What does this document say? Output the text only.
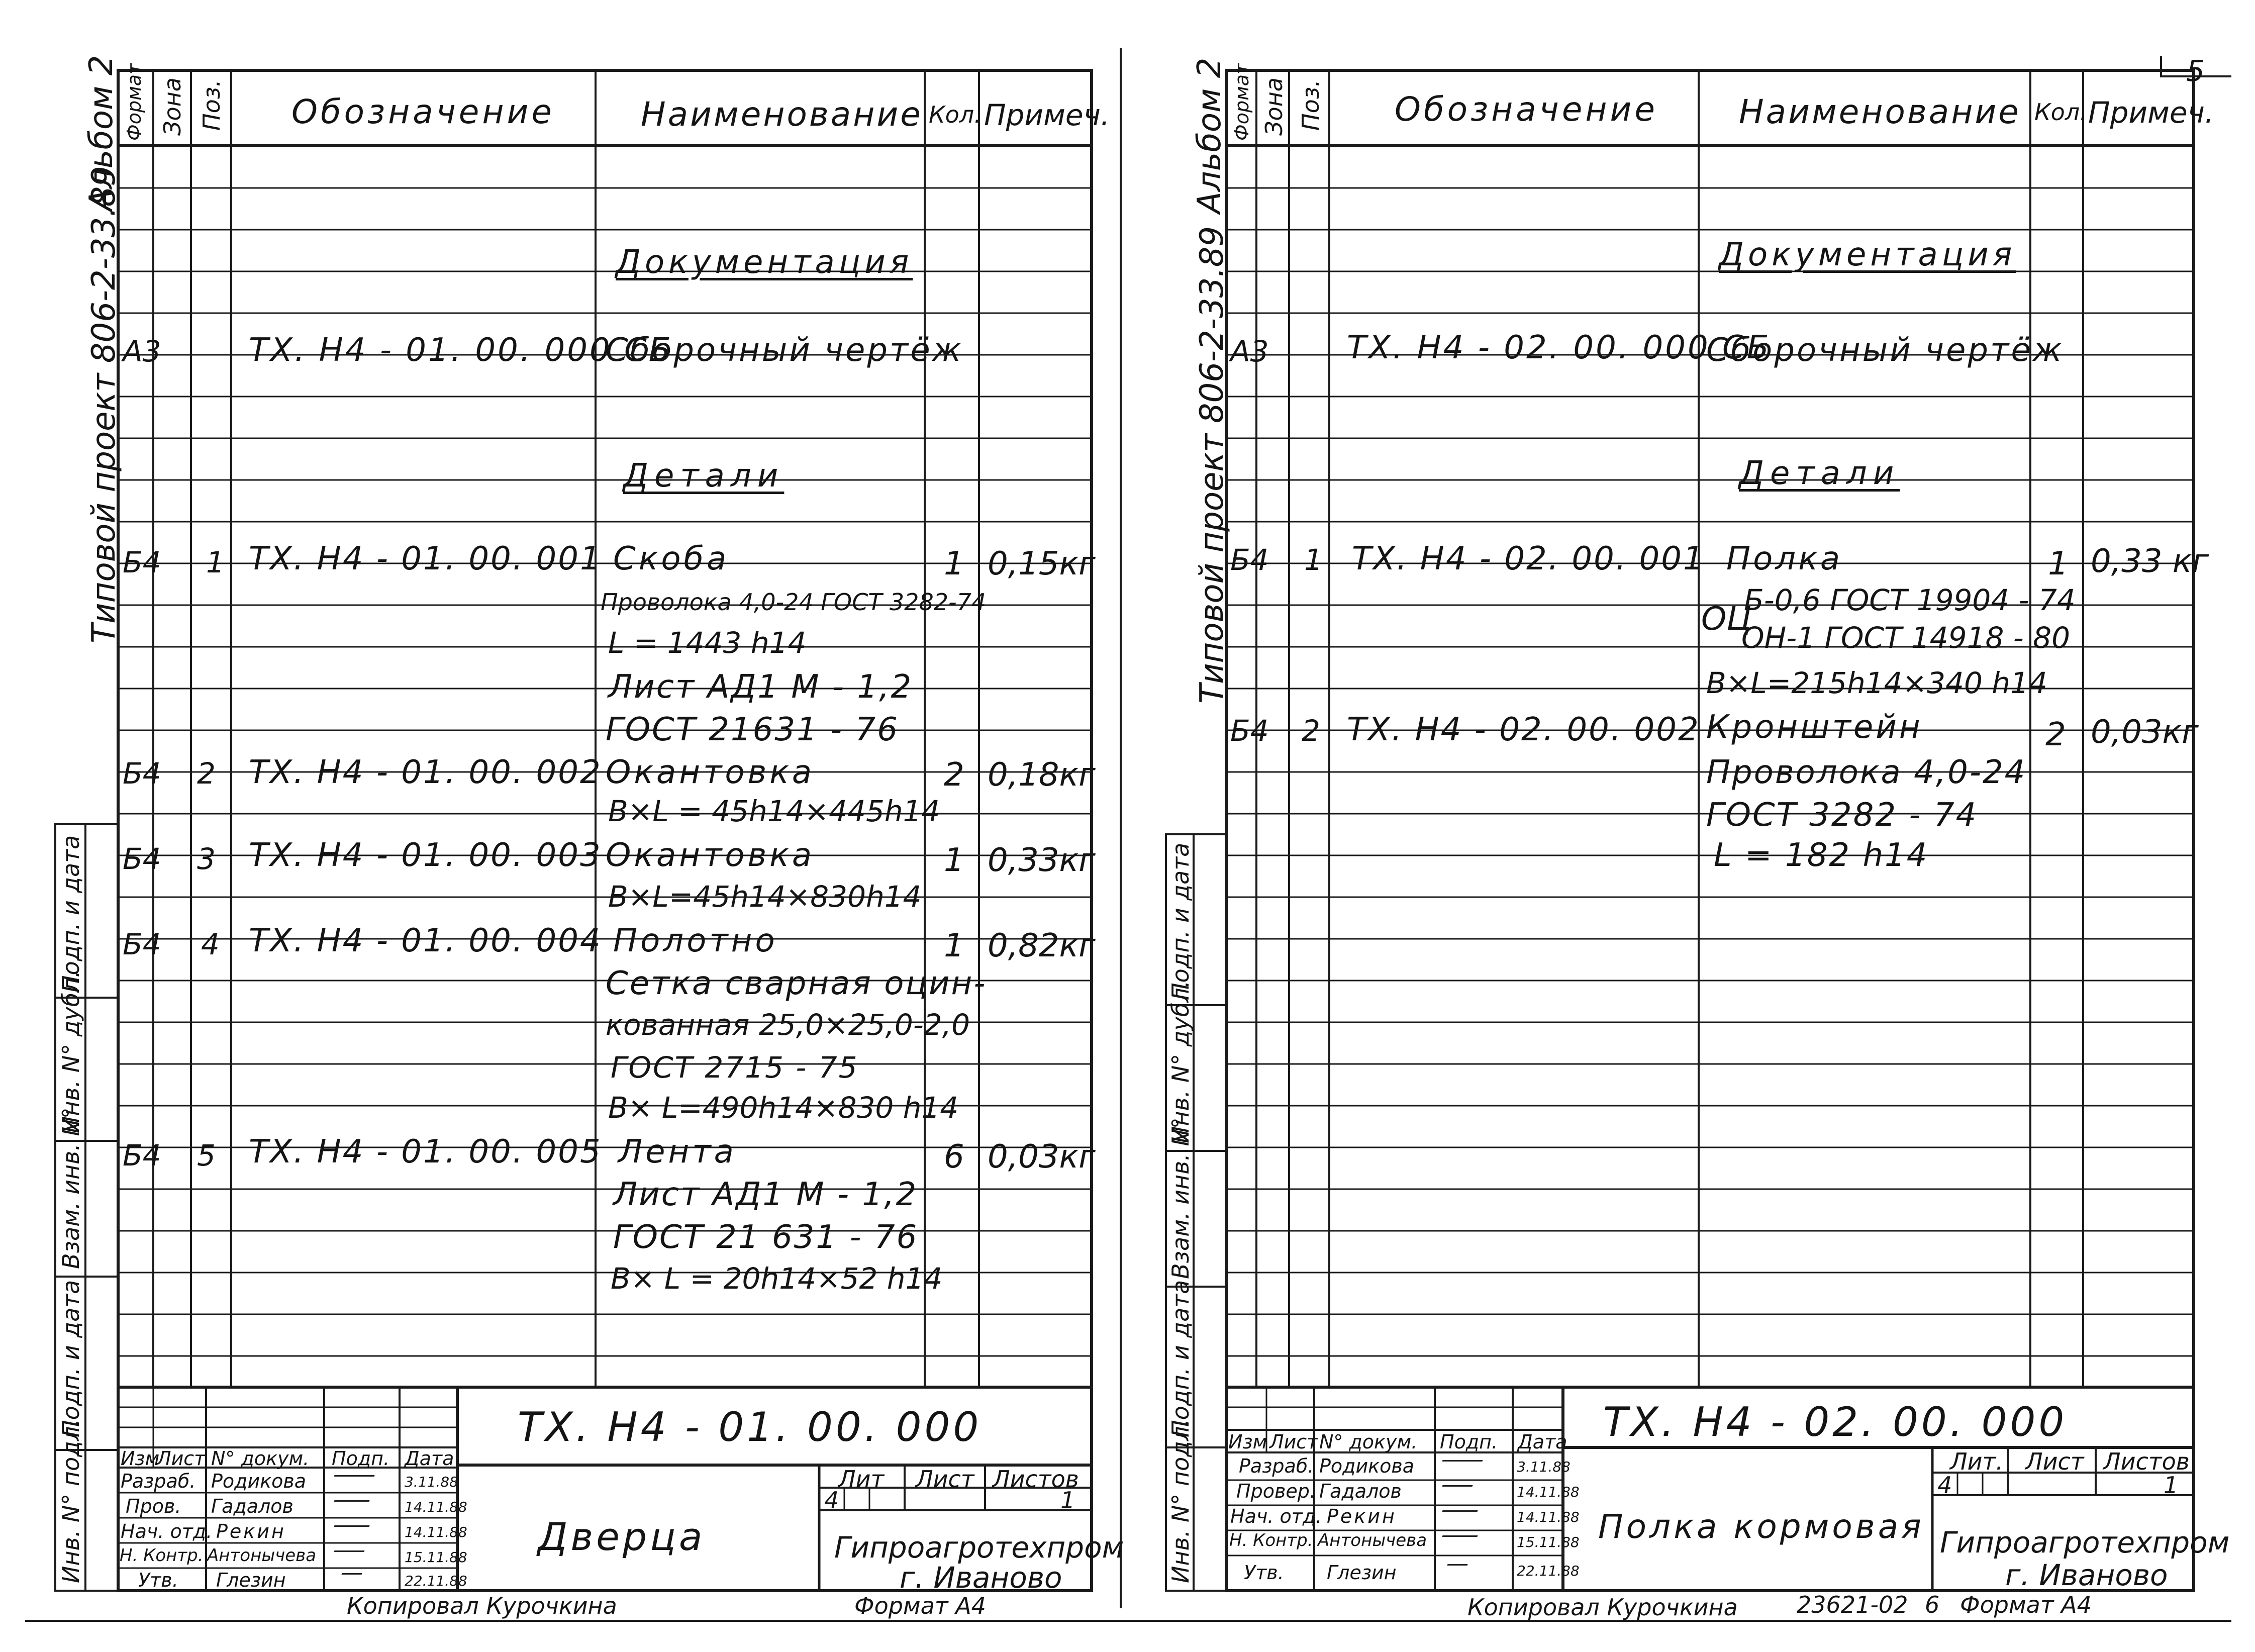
5
Альбом 2
Типовой проект 806-2-33.89
Инв. N° подл.
Подп. и дата
Взам. инв. N°
Инв. N° дубл.
Подп. и дата
Формат Зона Поз. Обозначение	Наименование Кол. Примеч.
Документация
А3	ТХ. Н4 - 01. 00. 000 СБ
Сборочный чертёж
Детали
Б4 1 ТХ. Н4 - 01. 00. 001 Скоба	1 0,15кг
Проволока 4,0-24 ГОСТ 3282-74
L = 1443 h14
Лист АД1 М - 1,2
ГОСТ 21631 - 76
Б4 2 ТХ. Н4 - 01. 00. 002 Окантовка	2 0,18кг
В×L = 45h14×445h14
Б4 3 ТХ. Н4 - 01. 00. 003 Окантовка	1 0,33кг
В×L=45h14×830h14
Б4 4 ТХ. Н4 - 01. 00. 004 Полотно	1 0,82кг
Сетка сварная оцин-
кованная 25,0×25,0-2,0
ГОСТ 2715 - 75
В× L=490h14×830 h14
Б4 5 ТХ. Н4 - 01. 00. 005 Лента	6 0,03кг
Лист АД1 М - 1,2
ГОСТ 21 631 - 76
В× L = 20h14×52 h14
ТХ. Н4 - 01. 00. 000
Дверца
Лит Лист Листов
4	1
Гипроагротехпром
г. Иваново
Изм
Лист N° докум. Подп. Дата
Разраб. Родикова	3.11.88
Пров. Гадалов	14.11.88
Нач. отд. Рекин	14.11.88
Н. Контр. Антонычева	15.11.88
Утв. Глезин	22.11.88
Копировал Курочкина	Формат А4
Альбом 2
Типовой проект 806-2-33.89
Инв. N° подл.
Подп. и дата
Взам. инв. N°
Инв. N° дубл.
Подп. и дата
Формат Зона Поз. Обозначение Наименование Кол. Примеч.
Документация
А3 ТХ. Н4 - 02. 00. 000 СБ
Сборочный чертёж
Детали
Б4 1 ТХ. Н4 - 02. 00. 001 Полка	1 0,33 кг
ОЦ
Б-0,6 ГОСТ 19904 - 74
ОН-1 ГОСТ 14918 - 80
В×L=215h14×340 h14
Б4 2 ТХ. Н4 - 02. 00. 002 Кронштейн	2 0,03кг
Проволока 4,0-24
ГОСТ 3282 - 74
L = 182 h14
ТХ. Н4 - 02. 00. 000
Полка кормовая
Лит. Лист Листов
4	1
Гипроагротехпром
г. Иваново
Изм Лист N° докум. Подп. Дата
Разраб. Родикова	3.11.88
Провер. Гадалов	14.11.88
Нач. отд. Рекин	14.11.88
Н. Контр. Антонычева	15.11.88
Утв. Глезин	22.11.88
Копировал Курочкина	23621-02 6 Формат А4
